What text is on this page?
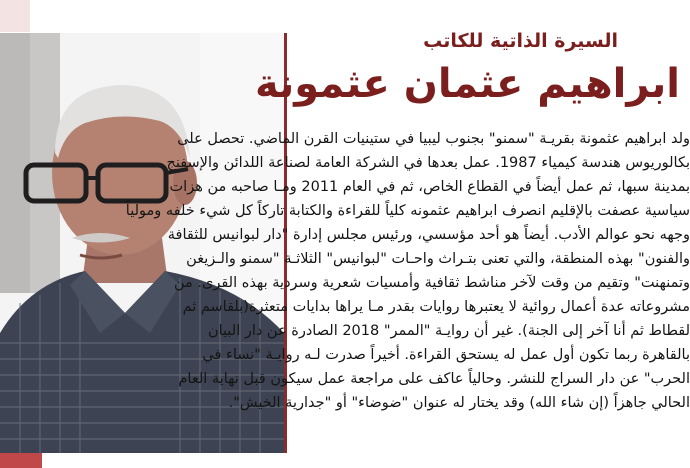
السيرة الذاتية للكاتب
ابراهيم عثمان عثمونة
ولد ابراهيم عثمونة بقريـة "سمنو" بجنوب ليبيا في ستينيات القرن الماضي. تحصل على
بكالوريوس هندسة كيمياء 1987. عمل بعدها في الشركة العامة لصناعة اللدائن والإسفنج
بمدينة سبها، ثم عمل أيضاً في القطاع الخاص، ثم في العام 2011 ومـا صاحبه من هزات
سياسية عصفت بالإقليم انصرف ابراهيم عثمونه كلياً للقراءة والكتابة تاركاً كل شيء خلفه ومولياً
وجهه نحو عوالم الأدب. أيضاً هو أحد مؤسسي، ورئيس مجلس إدارة "دار لبوانيس للثقافة
والفنون" بهذه المنطقة، والتي تعنى بتـراث واحـات "لبوانيس" الثلاثـة "سمنو والـزيغن
وتمنهنت" وتقيم من وقت لآخر مناشط ثقافية وأمسيات شعرية وسردية بهذه القرى. من
مشروعاته عدة أعمال روائية لا يعتبرها روايات بقدر مـا يراها بدايات متعثرة(بلقاسم ثم
لقطاط ثم أنا آخر إلى الجنة). غير أن روايـة "الممر" 2018 الصادرة عن دار البيان
بالقاهرة ربما تكون أول عمل له يستحق القراءة. أخيراً صدرت لـه روايـة "نساء في
الحرب" عن دار السراج للنشر. وحالياً عاكف على مراجعة عمل سيكون قبل نهاية العام
الحالي جاهزاً (إن شاء الله) وقد يختار له عنوان "ضوضاء" أو "جدارية الخيش".
